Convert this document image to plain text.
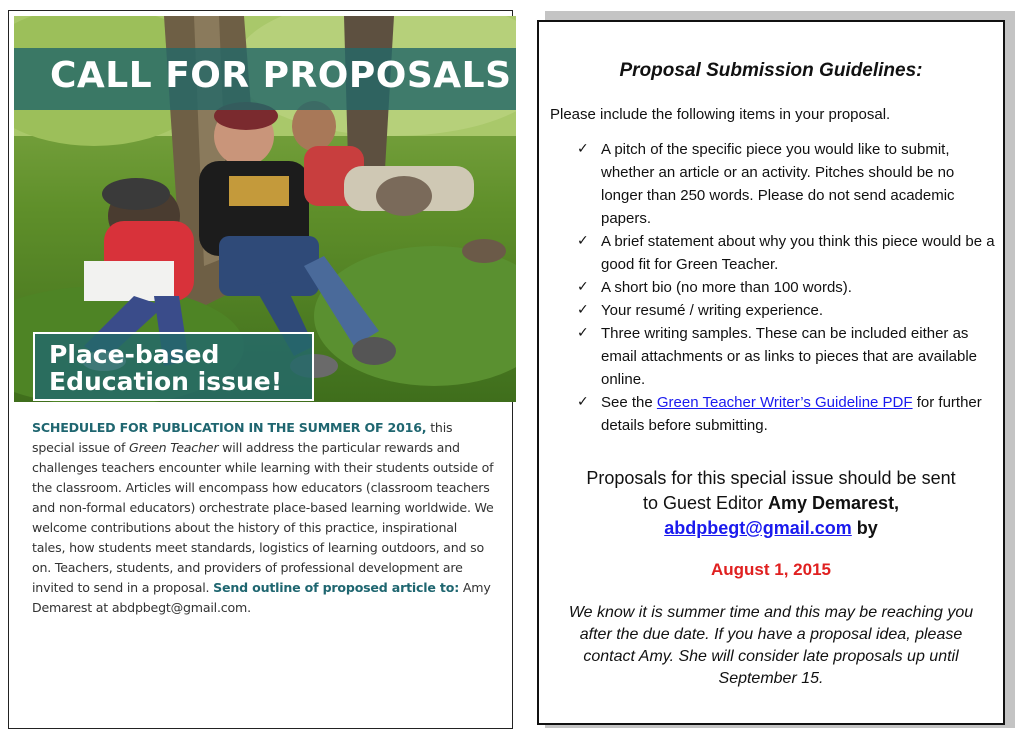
CALL FOR PROPOSALS
Place-based
Education issue!
SCHEDULED FOR PUBLICATION IN THE SUMMER OF 2016, this special issue of Green Teacher will address the particular rewards and challenges teachers encounter while learning with their students outside of the classroom. Articles will encompass how educators (classroom teachers and non-formal educators) orchestrate place-based learning worldwide. We welcome contributions about the history of this practice, inspirational tales, how students meet standards, logistics of learning outdoors, and so on. Teachers, students, and providers of professional development are invited to send in a proposal. Send outline of proposed article to: Amy Demarest at abdpbegt@gmail.com.
Proposal Submission Guidelines:
Please include the following items in your proposal.
✓ A pitch of the specific piece you would like to submit, whether an article or an activity. Pitches should be no longer than 250 words. Please do not send academic papers.
✓ A brief statement about why you think this piece would be a good fit for Green Teacher.
✓ A short bio (no more than 100 words).
✓ Your resumé / writing experience.
✓ Three writing samples. These can be included either as email attachments or as links to pieces that are available online.
✓ See the Green Teacher Writer’s Guideline PDF for further details before submitting.
Proposals for this special issue should be sent
to Guest Editor Amy Demarest,
abdpbegt@gmail.com by
August 1, 2015
We know it is summer time and this may be reaching you after the due date. If you have a proposal idea, please contact Amy. She will consider late proposals up until September 15.
